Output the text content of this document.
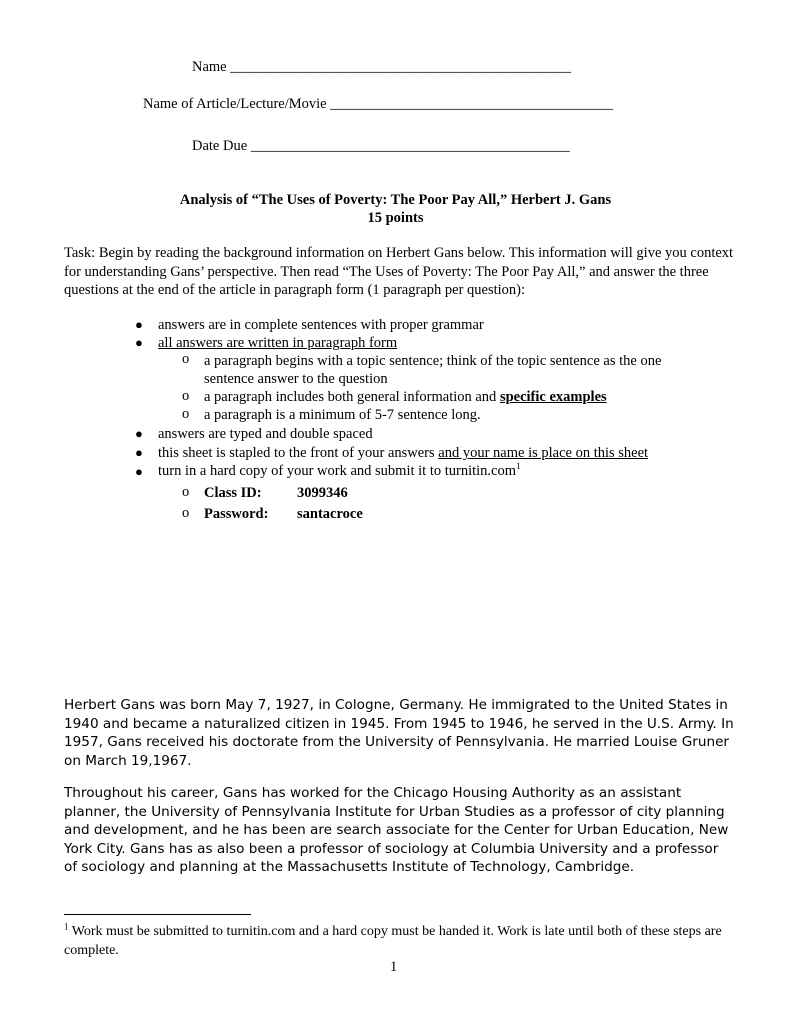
Name _______________________________________________
Name of Article/Lecture/Movie _______________________________________
Date Due ____________________________________________
Analysis of “The Uses of Poverty: The Poor Pay All,” Herbert J. Gans
15 points

Task: Begin by reading the background information on Herbert Gans below. This information will give you context for understanding Gans’ perspective. Then read “The Uses of Poverty: The Poor Pay All,” and answer the three questions at the end of the article in paragraph form (1 paragraph per question):

● answers are in complete sentences with proper grammar
● all answers are written in paragraph form
o a paragraph begins with a topic sentence; think of the topic sentence as the one
sentence answer to the question
o a paragraph includes both general information and specific examples
o a paragraph is a minimum of 5-7 sentence long.
● answers are typed and double spaced
● this sheet is stapled to the front of your answers and your name is place on this sheet
● turn in a hard copy of your work and submit it to turnitin.com$^1$
o Class ID: 3099346
o Password: santacroce

Herbert Gans was born May 7, 1927, in Cologne, Germany. He immigrated to the United States in 1940 and became a naturalized citizen in 1945. From 1945 to 1946, he served in the U.S. Army. In 1957, Gans received his doctorate from the University of Pennsylvania. He married Louise Gruner on March 19,1967.

Throughout his career, Gans has worked for the Chicago Housing Authority as an assistant planner, the University of Pennsylvania Institute for Urban Studies as a professor of city planning and development, and he has been are search associate for the Center for Urban Education, New York City. Gans has as also been a professor of sociology at Columbia University and a professor of sociology and planning at the Massachusetts Institute of Technology, Cambridge.

$^1$ Work must be submitted to turnitin.com and a hard copy must be handed it. Work is late until both of these steps are complete.
1
